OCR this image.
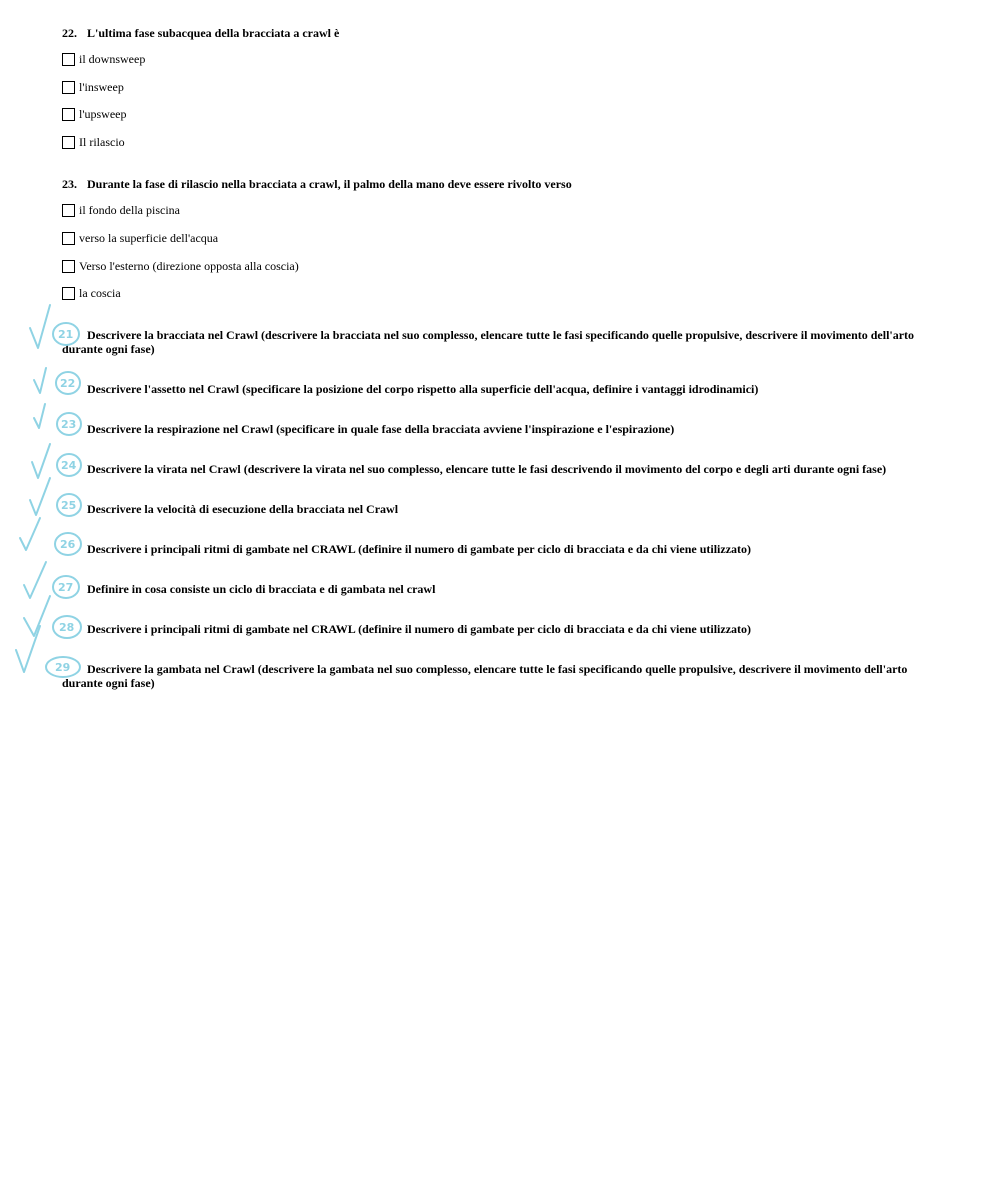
22. L'ultima fase subacquea della bracciata a crawl è
il downsweep
l'insweep
l'upsweep
Il rilascio
23. Durante la fase di rilascio nella bracciata a crawl, il palmo della mano deve essere rivolto verso
il fondo della piscina
verso la superficie dell'acqua
Verso l'esterno (direzione opposta alla coscia)
la coscia
Descrivere la bracciata nel Crawl (descrivere la bracciata nel suo complesso, elencare tutte le fasi specificando quelle propulsive, descrivere il movimento dell'arto durante ogni fase)
Descrivere l'assetto nel Crawl (specificare la posizione del corpo rispetto alla superficie dell'acqua, definire i vantaggi idrodinamici)
Descrivere la respirazione nel Crawl (specificare in quale fase della bracciata avviene l'inspirazione e l'espirazione)
Descrivere la virata nel Crawl (descrivere la virata nel suo complesso, elencare tutte le fasi descrivendo il movimento del corpo e degli arti durante ogni fase)
Descrivere la velocità di esecuzione della bracciata nel Crawl
Descrivere i principali ritmi di gambate nel CRAWL (definire il numero di gambate per ciclo di bracciata e da chi viene utilizzato)
Definire in cosa consiste un ciclo di bracciata e di gambata nel crawl
Descrivere i principali ritmi di gambate nel CRAWL (definire il numero di gambate per ciclo di bracciata e da chi viene utilizzato)
Descrivere la gambata nel Crawl (descrivere la gambata nel suo complesso, elencare tutte le fasi specificando quelle propulsive, descrivere il movimento dell'arto durante ogni fase)
21
22
23
24
25
26
27
28
29
